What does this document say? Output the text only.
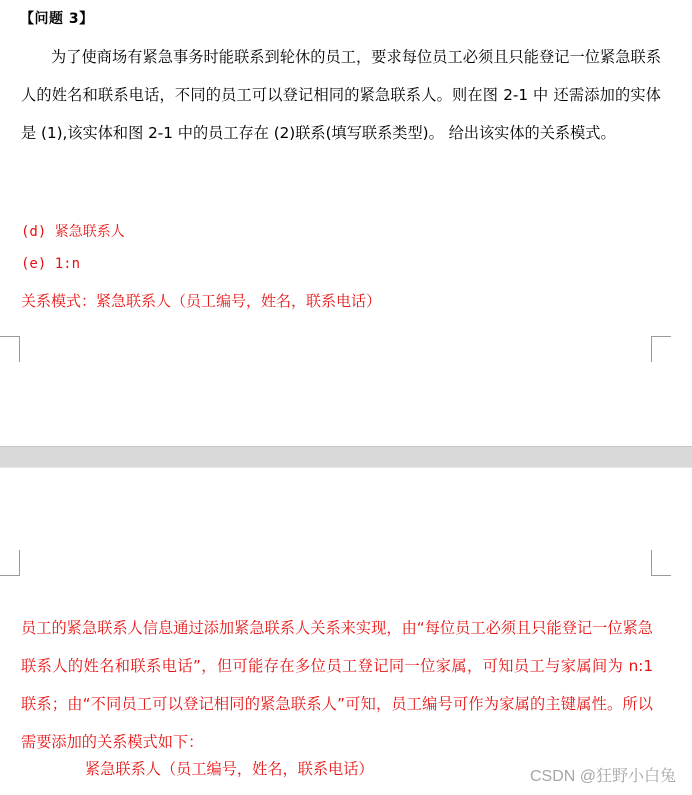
【问题 3】
为了使商场有紧急事务时能联系到轮休的员工，要求每位员工必须且只能登记一位紧急联系人的姓名和联系电话，不同的员工可以登记相同的紧急联系人。则在图 2-1 中 还需添加的实体是 (1),该实体和图 2-1 中的员工存在 (2)联系(填写联系类型)。 给出该实体的关系模式。
(d) 紧急联系人
(e) 1:n
关系模式：紧急联系人（员工编号，姓名，联系电话）
员工的紧急联系人信息通过添加紧急联系人关系来实现，由“每位员工必须且只能登记一位紧急联系人的姓名和联系电话”，但可能存在多位员工登记同一位家属，可知员工与家属间为 n:1 联系；由“不同员工可以登记相同的紧急联系人”可知，员工编号可作为家属的主键属性。所以需要添加的关系模式如下：
紧急联系人（员工编号，姓名，联系电话）	CSDN @狂野小白兔
